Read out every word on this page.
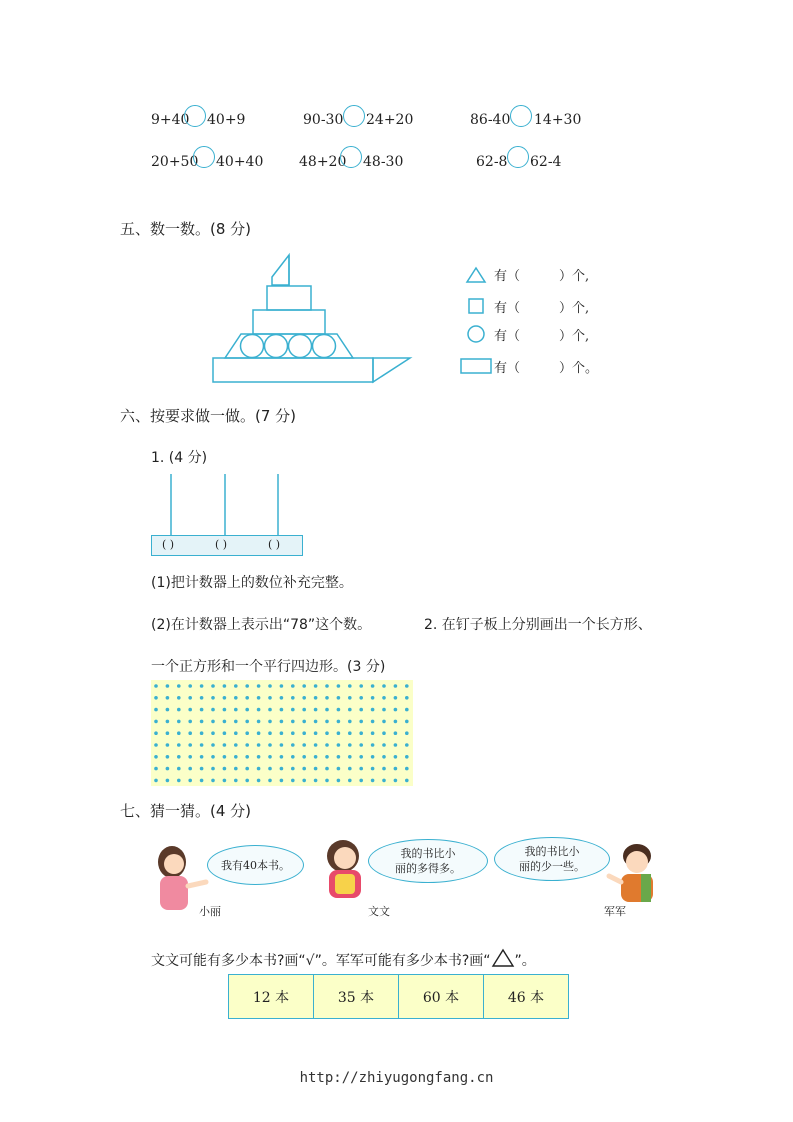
9+40 40+9	90-30 24+20	86-40 14+30
20+50 40+40	48+20 48-30	62-8 62-4
五、数一数。(8 分)
有（　　　）个,
有（　　　）个,
有（　　　）个,
有（　　　）个。
六、按要求做一做。(7 分)
1. (4 分)
( )	( )	( )
(1)把计数器上的数位补充完整。
(2)在计数器上表示出“78”这个数。	2. 在钉子板上分别画出一个长方形、
一个正方形和一个平行四边形。(3 分)
七、猜一猜。(4 分)
小丽
我有40本书。
文文
我的书比小
丽的多得多。
我的书比小
丽的少一些。
军军
文文可能有多少本书?画“√”。军军可能有多少本书?画“ ”。
12 本	35 本	60 本	46 本
http://zhiyugongfang.cn
